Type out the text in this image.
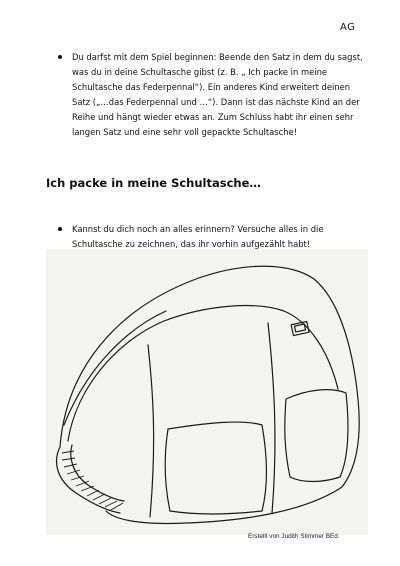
AG
Du darfst mit dem Spiel beginnen: Beende den Satz in dem du sagst, was du in deine Schultasche gibst (z. B. „ Ich packe in meine Schultasche das Federpennal“). Ein anderes Kind erweitert deinen Satz („…das Federpennal und …“). Dann ist das nächste Kind an der Reihe und hängt wieder etwas an. Zum Schluss habt ihr einen sehr langen Satz und eine sehr voll gepackte Schultasche!
Ich packe in meine Schultasche…
Kannst du dich noch an alles erinnern? Versuche alles in die Schultasche zu zeichnen, das ihr vorhin aufgezählt habt!
Erstellt von Judith Stimmer BEd.
